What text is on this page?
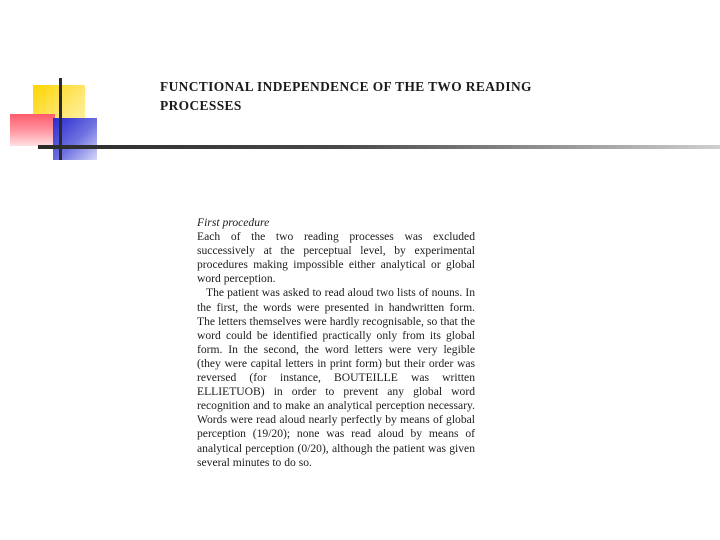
FUNCTIONAL INDEPENDENCE OF THE TWO READING
PROCESSES
First procedure

Each of the two reading processes was excluded successively at the perceptual level, by experimental procedures making impossible either analytical or global word perception.

The patient was asked to read aloud two lists of nouns. In the first, the words were presented in handwritten form. The letters themselves were hardly recognisable, so that the word could be identified practically only from its global form. In the second, the word letters were very legible (they were capital letters in print form) but their order was reversed (for instance, BOUTEILLE was written ELLIETUOB) in order to prevent any global word recognition and to make an analytical perception necessary. Words were read aloud nearly perfectly by means of global perception (19/20); none was read aloud by means of analytical perception (0/20), although the patient was given several minutes to do so.
